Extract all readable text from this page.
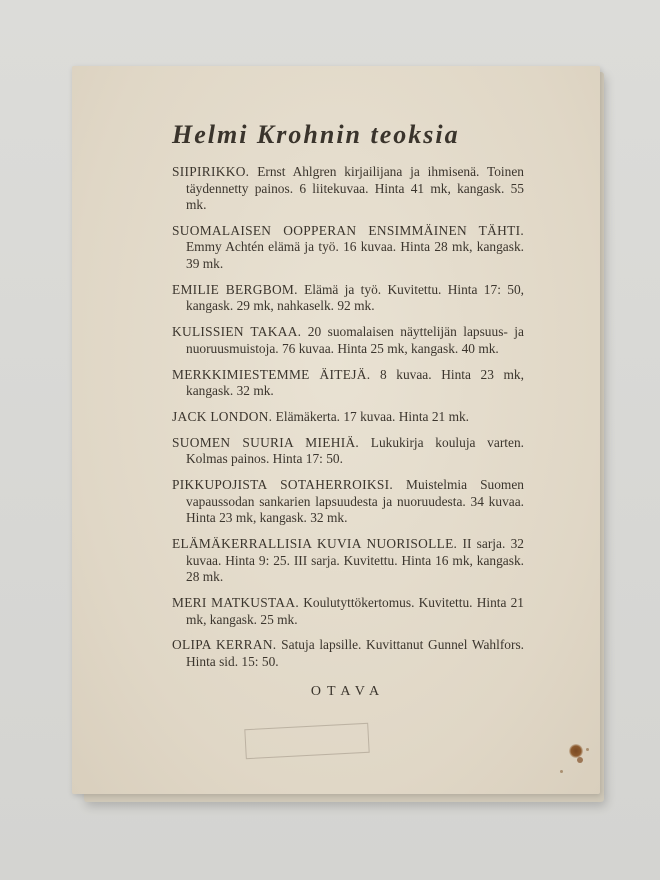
Helmi Krohnin teoksia

SIIPIRIKKO. Ernst Ahlgren kirjailijana ja ihmisenä. Toinen täydennetty painos. 6 liitekuvaa. Hinta 41 mk, kangask. 55 mk.

SUOMALAISEN OOPPERAN ENSIMMÄINEN TÄHTI. Emmy Achtén elämä ja työ. 16 kuvaa. Hinta 28 mk, kangask. 39 mk.

EMILIE BERGBOM. Elämä ja työ. Kuvitettu. Hinta 17: 50, kangask. 29 mk, nahkaselk. 92 mk.

KULISSIEN TAKAA. 20 suomalaisen näyttelijän lapsuus- ja nuoruusmuistoja. 76 kuvaa. Hinta 25 mk, kangask. 40 mk.

MERKKIMIESTEMME ÄITEJÄ. 8 kuvaa. Hinta 23 mk, kangask. 32 mk.

JACK LONDON. Elämäkerta. 17 kuvaa. Hinta 21 mk.

SUOMEN SUURIA MIEHIÄ. Lukukirja kouluja varten. Kolmas painos. Hinta 17: 50.

PIKKUPOJISTA SOTAHERROIKSI. Muistelmia Suomen vapaussodan sankarien lapsuudesta ja nuoruudesta. 34 kuvaa. Hinta 23 mk, kangask. 32 mk.

ELÄMÄKERRALLISIA KUVIA NUORISOLLE. II sarja. 32 kuvaa. Hinta 9: 25. III sarja. Kuvitettu. Hinta 16 mk, kangask. 28 mk.

MERI MATKUSTAA. Koulutyttökertomus. Kuvitettu. Hinta 21 mk, kangask. 25 mk.

OLIPA KERRAN. Satuja lapsille. Kuvittanut Gunnel Wahlfors. Hinta sid. 15: 50.

OTAVA
